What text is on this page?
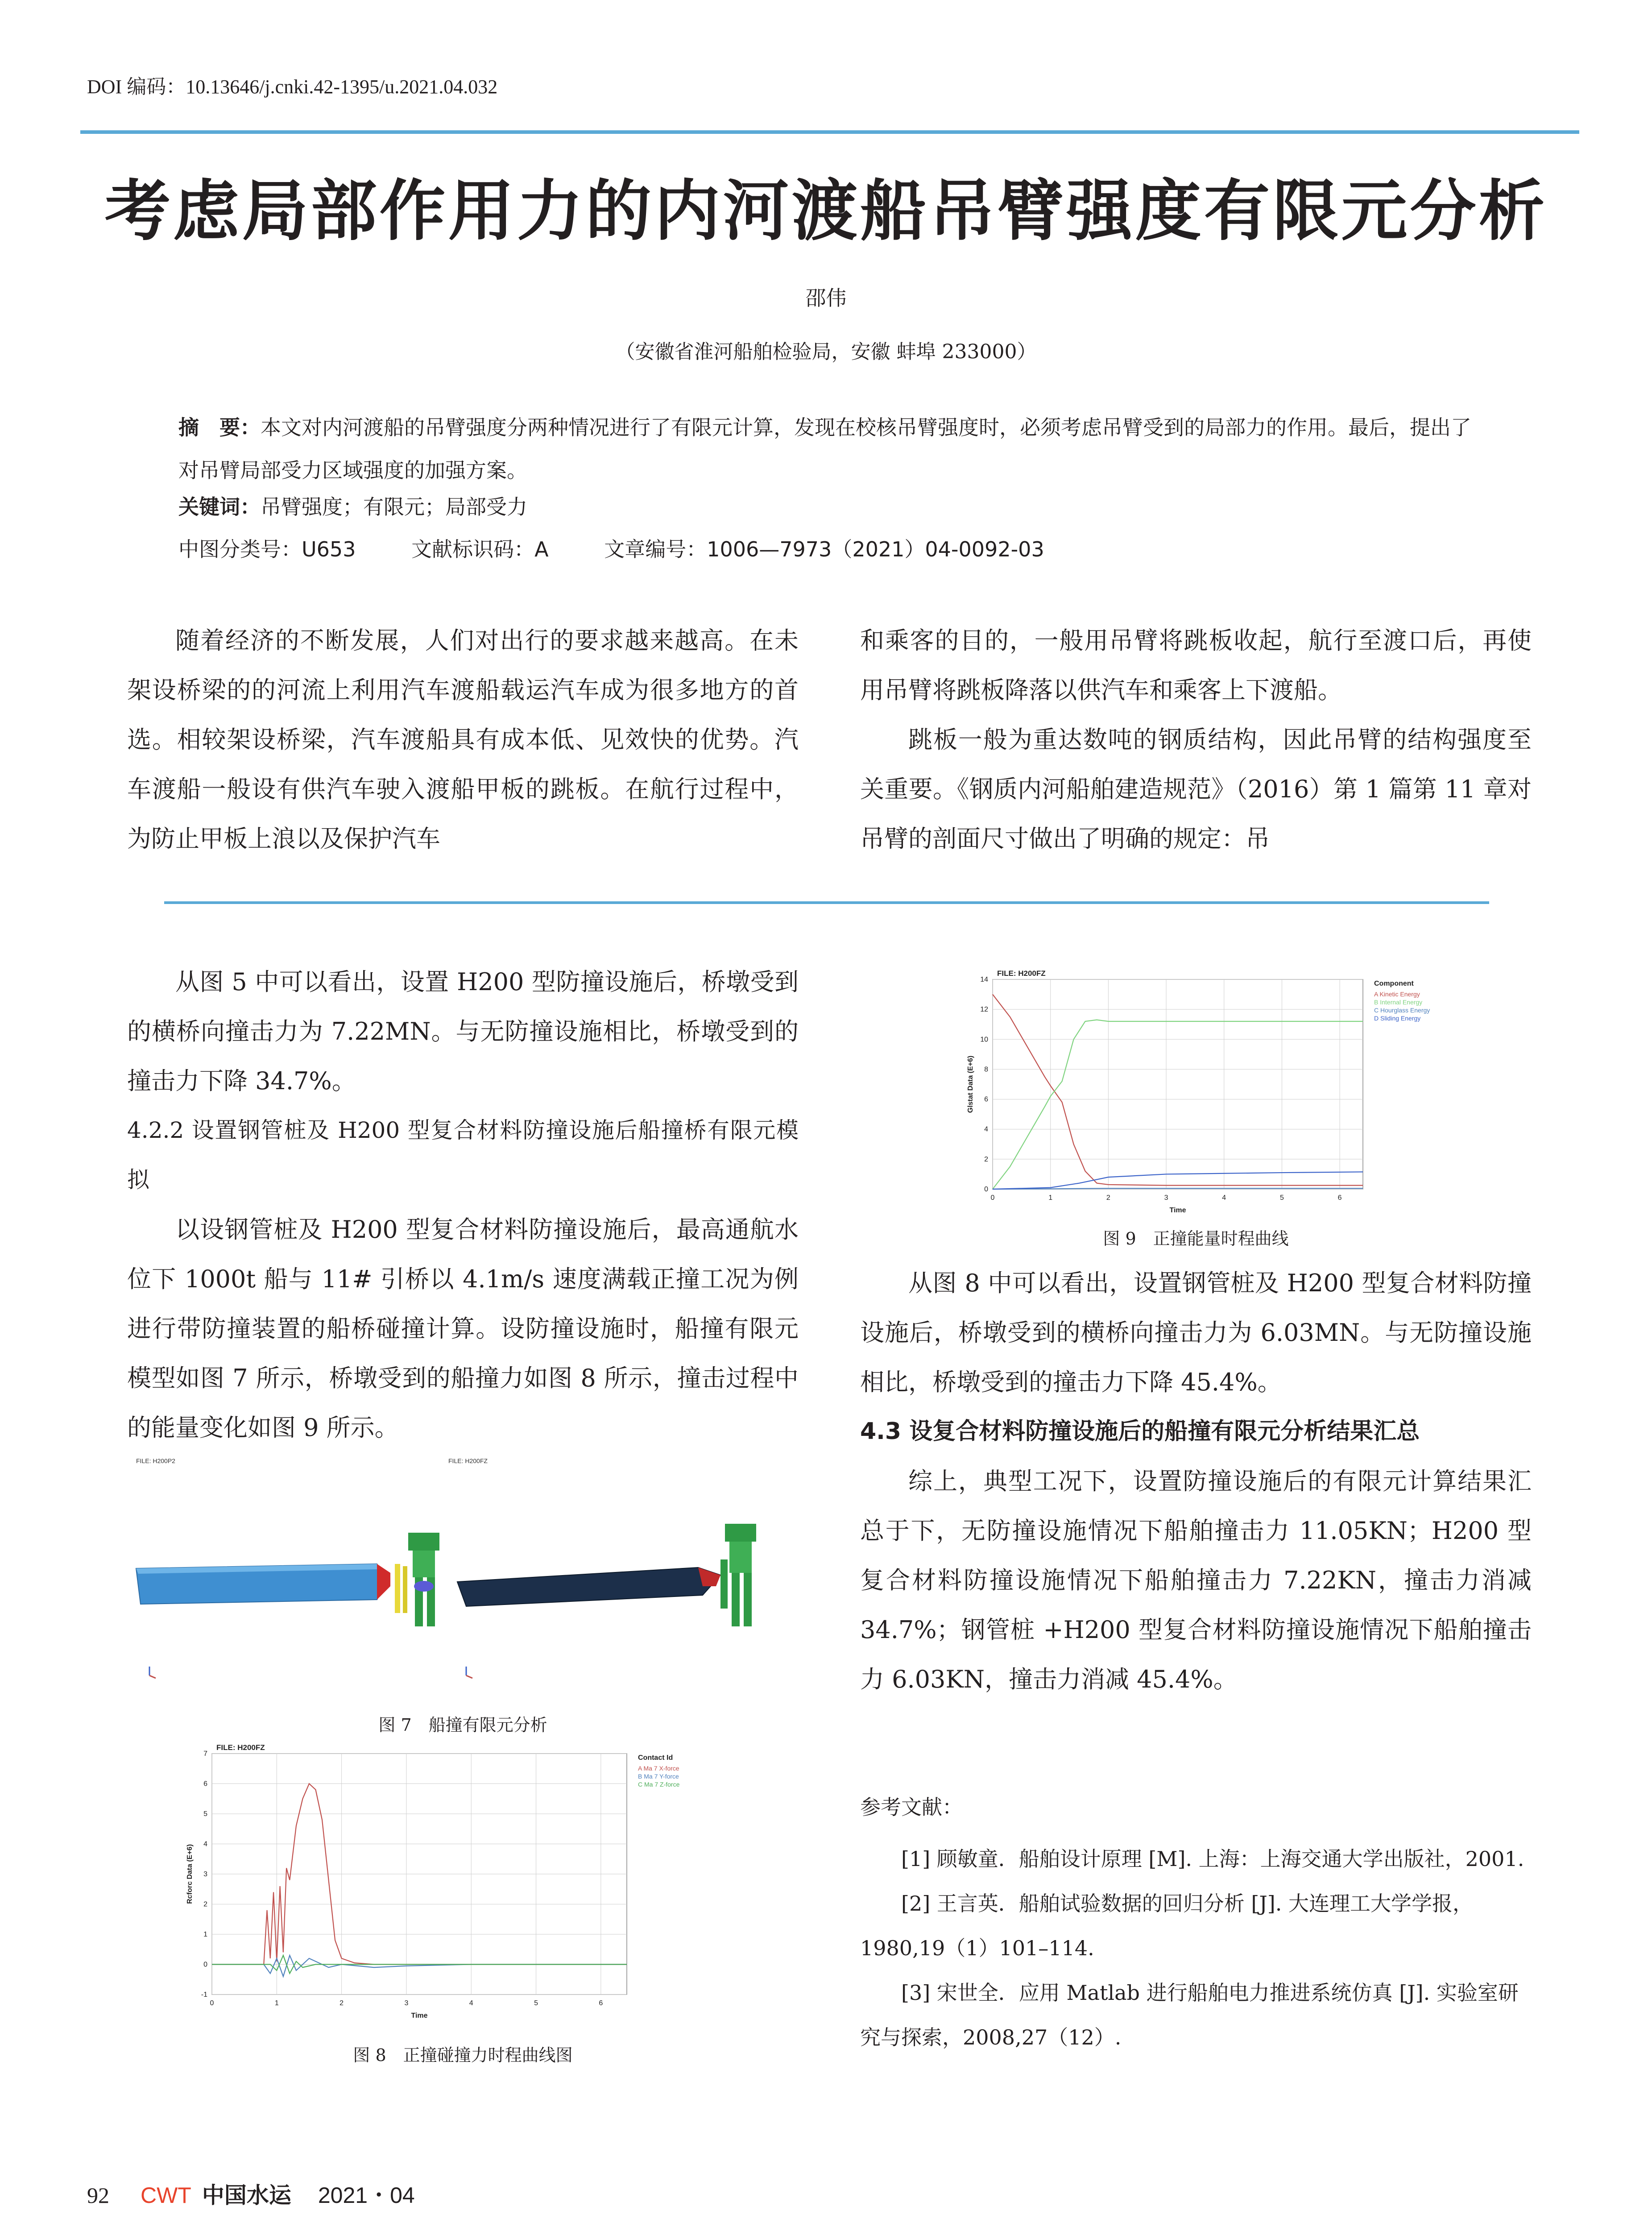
DOI 编码：10.13646/j.cnki.42-1395/u.2021.04.032
考虑局部作用力的内河渡船吊臂强度有限元分析
邵伟
（安徽省淮河船舶检验局，安徽 蚌埠 233000）
摘　要：本文对内河渡船的吊臂强度分两种情况进行了有限元计算，发现在校核吊臂强度时，必须考虑吊臂受到的局部力的作用。最后，提出了对吊臂局部受力区域强度的加强方案。
关键词：吊臂强度；有限元；局部受力
中图分类号：U653	文献标识码：A	文章编号：1006—7973（2021）04-0092-03

随着经济的不断发展，人们对出行的要求越来越高。在未架设桥梁的的河流上利用汽车渡船载运汽车成为很多地方的首选。相较架设桥梁，汽车渡船具有成本低、见效快的优势。汽车渡船一般设有供汽车驶入渡船甲板的跳板。在航行过程中，为防止甲板上浪以及保护汽车

和乘客的目的，一般用吊臂将跳板收起，航行至渡口后，再使用吊臂将跳板降落以供汽车和乘客上下渡船。

跳板一般为重达数吨的钢质结构，因此吊臂的结构强度至关重要。《钢质内河船舶建造规范》（2016）第 1 篇第 11 章对吊臂的剖面尺寸做出了明确的规定：吊

从图 5 中可以看出，设置 H200 型防撞设施后，桥墩受到的横桥向撞击力为 7.22MN。与无防撞设施相比，桥墩受到的撞击力下降 34.7%。

4.2.2 设置钢管桩及 H200 型复合材料防撞设施后船撞桥有限元模拟

以设钢管桩及 H200 型复合材料防撞设施后，最高通航水位下 1000t 船与 11# 引桥以 4.1m/s 速度满载正撞工况为例进行带防撞装置的船桥碰撞计算。设防撞设施时，船撞有限元模型如图 7 所示，桥墩受到的船撞力如图 8 所示，撞击过程中的能量变化如图 9 所示。

FILE: H200P2	FILE: H200FZ
图 7　船撞有限元分析
0	1	2	3	4	5	6
-1
0
1
2
3
4
5
6
7
FILE: H200FZ
Time
Rcforc Data (E+6)
Contact Id
A Ma 7 X-force
B Ma 7 Y-force
C Ma 7 Z-force
图 8　正撞碰撞力时程曲线图
0	1	2	3	4	5	6
0
2
4
6
8
10
12
14
FILE: H200FZ
Time
Glstat Data (E+6)
Component
A Kinetic Energy
B Internal Energy
C Hourglass Energy
D Sliding Energy
图 9　正撞能量时程曲线

从图 8 中可以看出，设置钢管桩及 H200 型复合材料防撞设施后，桥墩受到的横桥向撞击力为 6.03MN。与无防撞设施相比，桥墩受到的撞击力下降 45.4%。

4.3 设复合材料防撞设施后的船撞有限元分析结果汇总

综上，典型工况下，设置防撞设施后的有限元计算结果汇总于下，无防撞设施情况下船舶撞击力 11.05KN；H200 型复合材料防撞设施情况下船舶撞击力 7.22KN，撞击力消减 34.7%；钢管桩 +H200 型复合材料防撞设施情况下船舶撞击力 6.03KN，撞击力消减 45.4%。

参考文献：

[1] 顾敏童．船舶设计原理 [M]. 上海：上海交通大学出版社，2001.

[2] 王言英．船舶试验数据的回归分析 [J]. 大连理工大学学报，1980,19（1）101–114.

[3] 宋世全．应用 Matlab 进行船舶电力推进系统仿真 [J]. 实验室研究与探索，2008,27（12）.

92 CWT 中国水运 2021・04
